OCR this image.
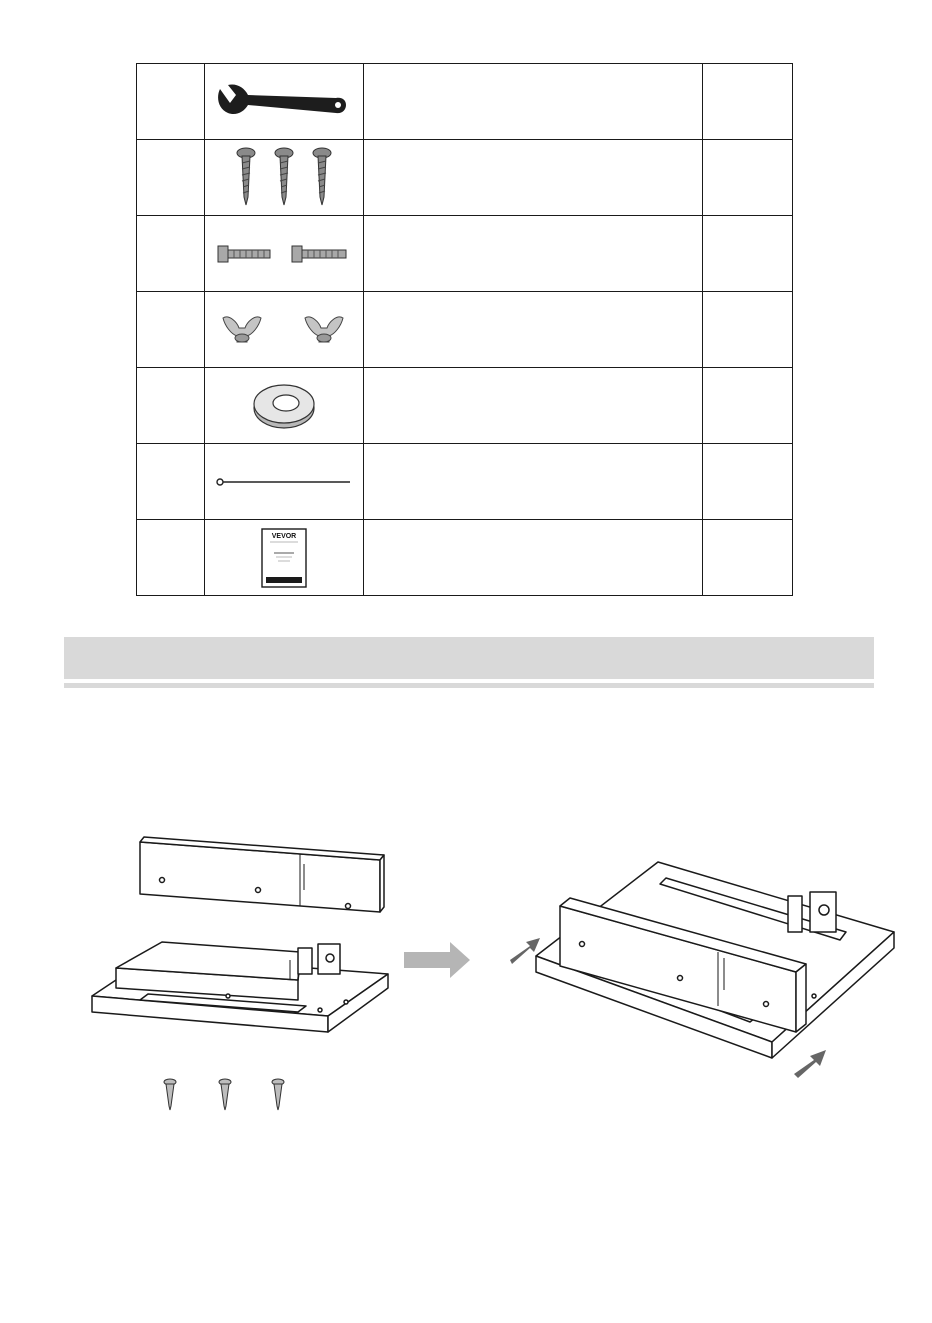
VEVOR		
